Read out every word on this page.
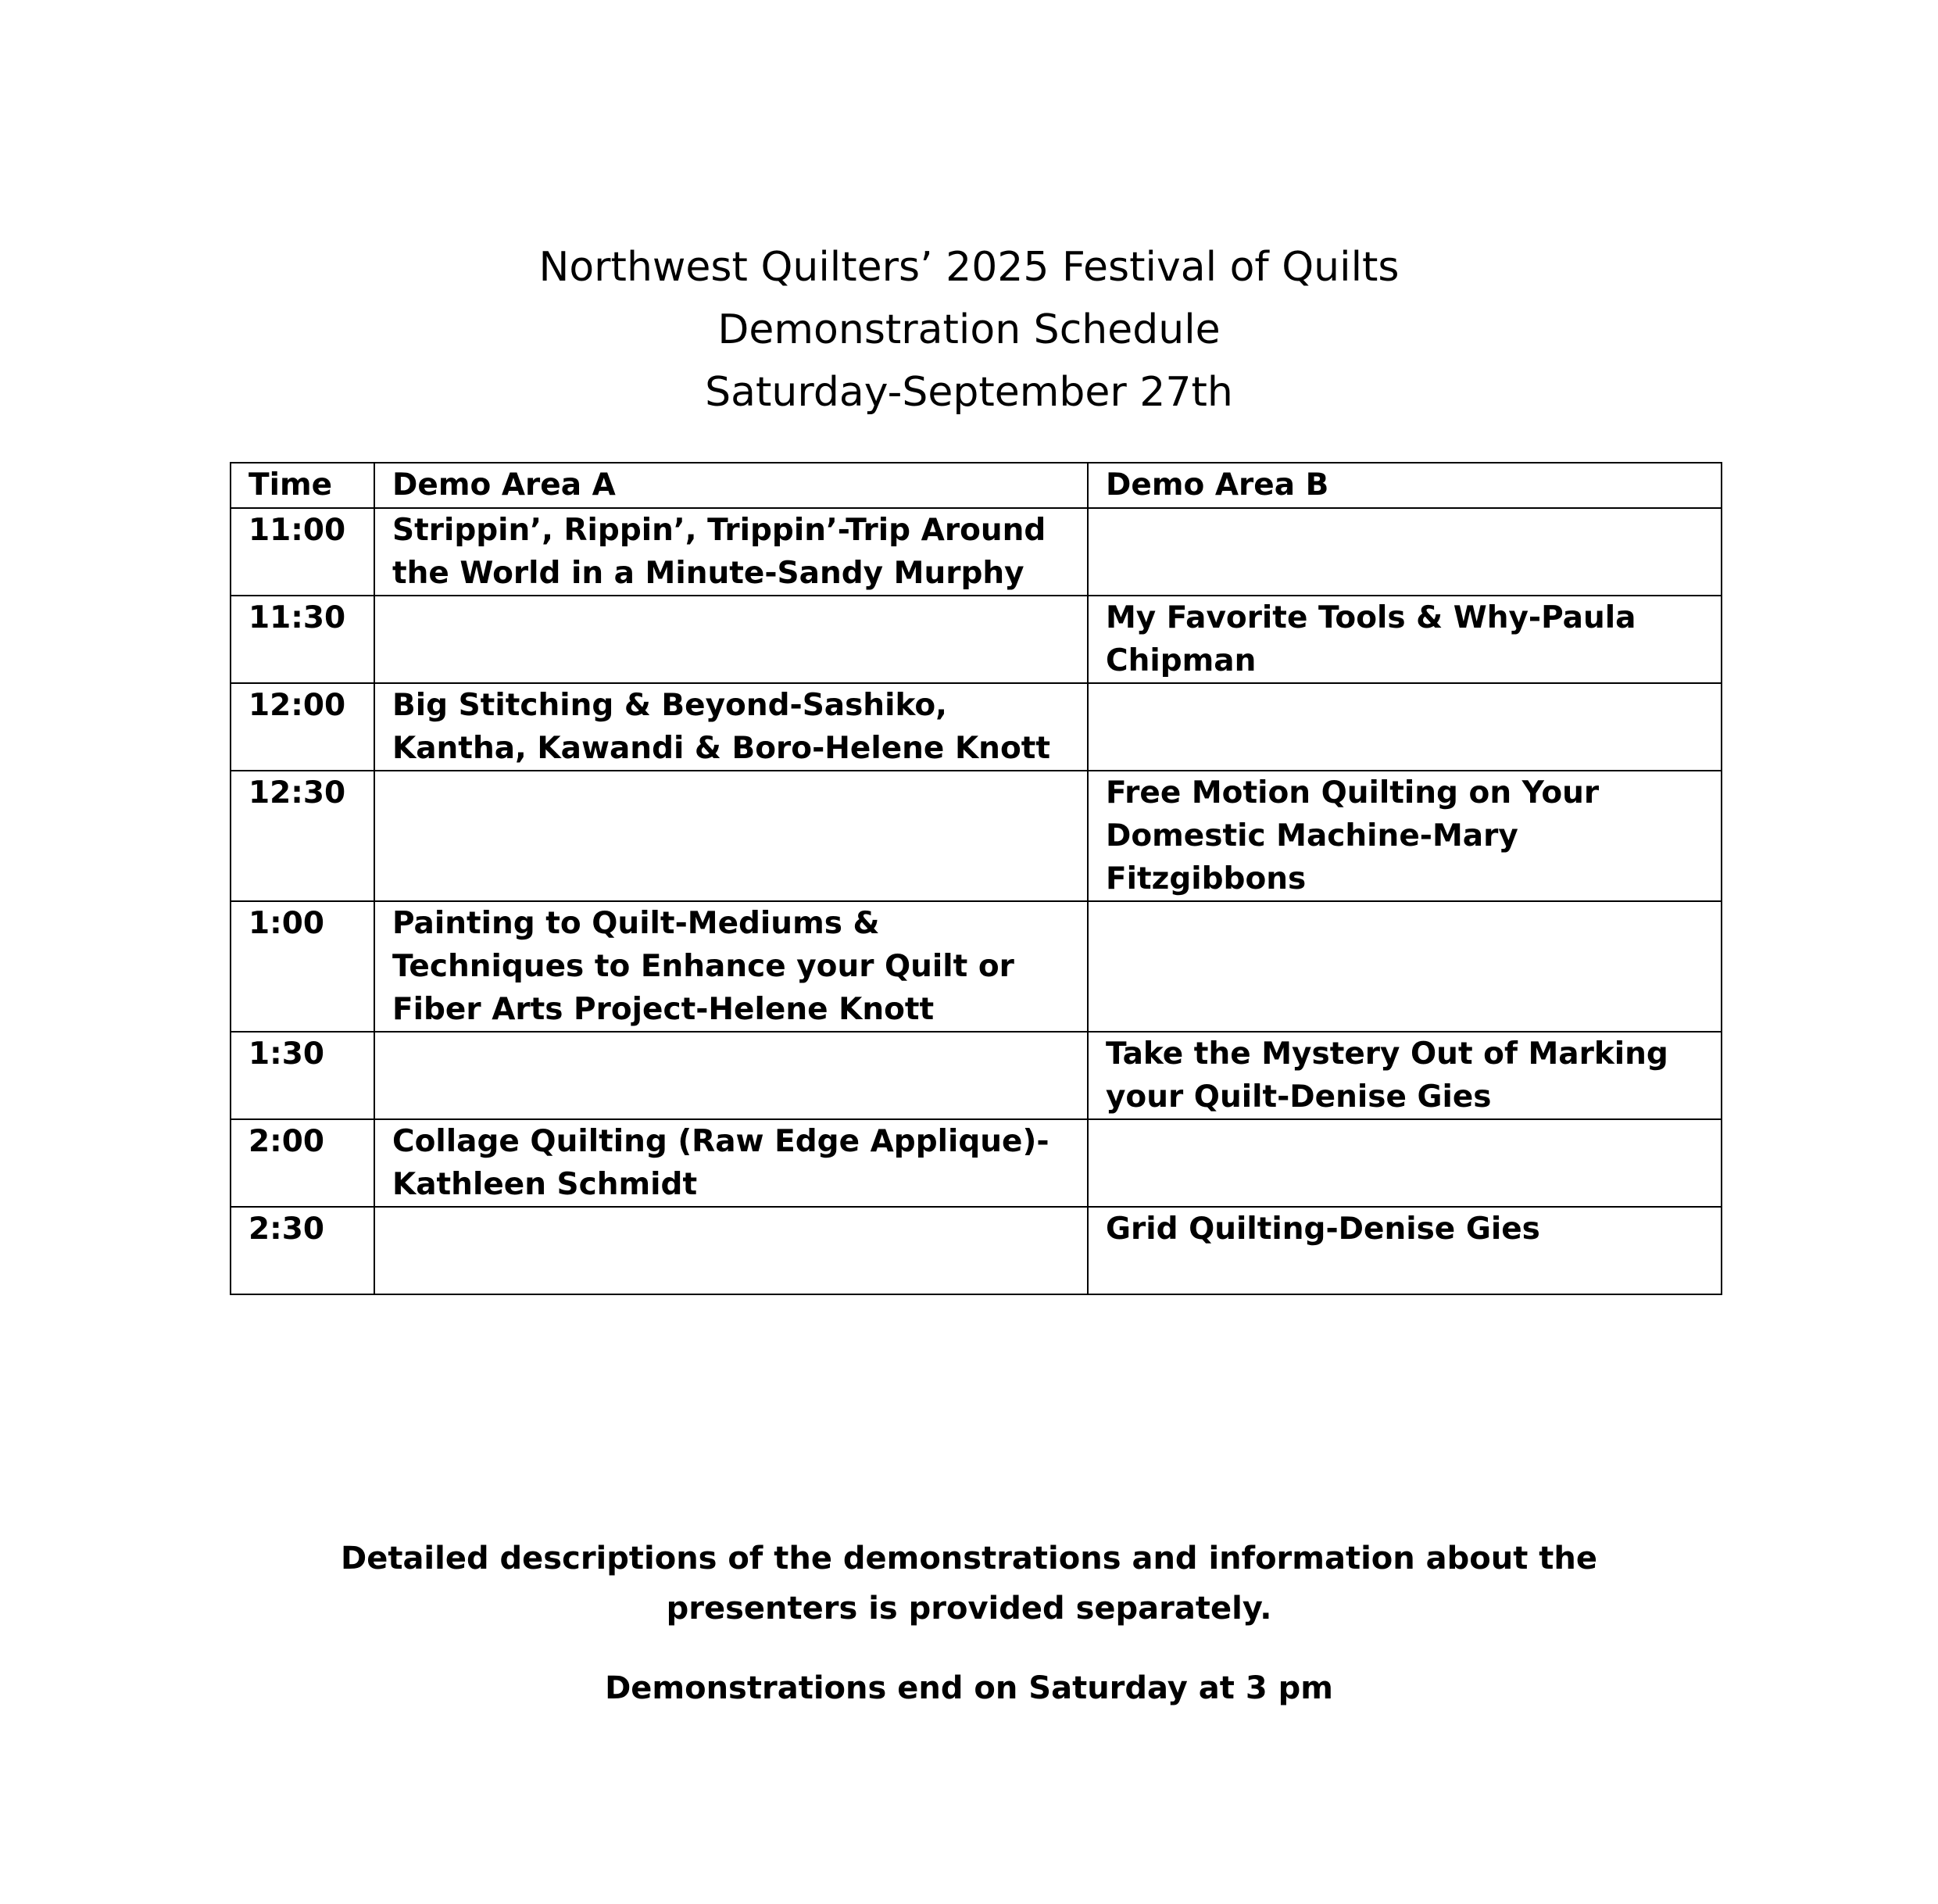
Northwest Quilters’ 2025 Festival of Quilts
Demonstration Schedule
Saturday-September 27th
Time	Demo Area A	Demo Area B
11:00	Strippin’, Rippin’, Trippin’-Trip Around the World in a Minute-Sandy Murphy	
11:30		My Favorite Tools & Why-Paula Chipman
12:00	Big Stitching & Beyond-Sashiko, Kantha, Kawandi & Boro-Helene Knott	
12:30		Free Motion Quilting on Your Domestic Machine-Mary Fitzgibbons
1:00	Painting to Quilt-Mediums & Techniques to Enhance your Quilt or Fiber Arts Project-Helene Knott	
1:30		Take the Mystery Out of Marking your Quilt-Denise Gies
2:00	Collage Quilting (Raw Edge Applique)-Kathleen Schmidt	
2:30		Grid Quilting-Denise Gies
Detailed descriptions of the demonstrations and information about the presenters is provided separately.
Demonstrations end on Saturday at 3 pm
